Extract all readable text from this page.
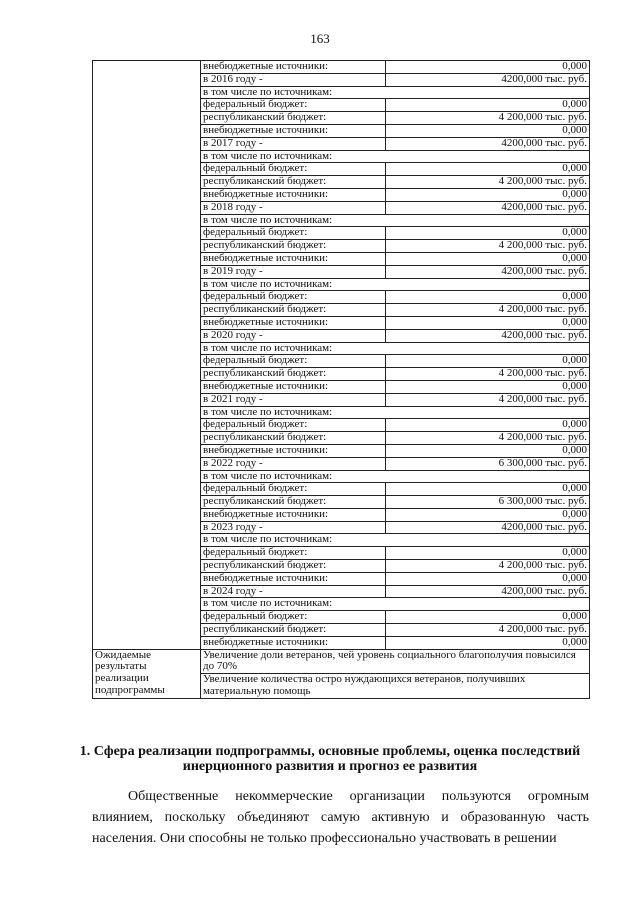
163
	внебюджетные источники:	0,000
	в 2016 году -	4200,000 тыс. руб.
	в том числе по источникам:	
	федеральный бюджет:	0,000
	республиканский бюджет:	4 200,000 тыс. руб.
	внебюджетные источники:	0,000
	в 2017 году -	4200,000 тыс. руб.
	в том числе по источникам:	
	федеральный бюджет:	0,000
	республиканский бюджет:	4 200,000 тыс. руб.
	внебюджетные источники:	0,000
	в 2018 году -	4200,000 тыс. руб.
	в том числе по источникам:	
	федеральный бюджет:	0,000
	республиканский бюджет:	4 200,000 тыс. руб.
	внебюджетные источники:	0,000
	в 2019 году -	4200,000 тыс. руб.
	в том числе по источникам:	
	федеральный бюджет:	0,000
	республиканский бюджет:	4 200,000 тыс. руб.
	внебюджетные источники:	0,000
	в 2020 году -	4200,000 тыс. руб.
	в том числе по источникам:	
	федеральный бюджет:	0,000
	республиканский бюджет:	4 200,000 тыс. руб.
	внебюджетные источники:	0,000
	в 2021 году -	4 200,000 тыс. руб.
	в том числе по источникам:	
	федеральный бюджет:	0,000
	республиканский бюджет:	4 200,000 тыс. руб.
	внебюджетные источники:	0,000
	в 2022 году -	6 300,000 тыс. руб.
	в том числе по источникам:	
	федеральный бюджет:	0,000
	республиканский бюджет:	6 300,000 тыс. руб.
	внебюджетные источники:	0,000
	в 2023 году -	4200,000 тыс. руб.
	в том числе по источникам:	
	федеральный бюджет:	0,000
	республиканский бюджет:	4 200,000 тыс. руб.
	внебюджетные источники:	0,000
	в 2024 году -	4200,000 тыс. руб.
	в том числе по источникам:	
	федеральный бюджет:	0,000
	республиканский бюджет:	4 200,000 тыс. руб.
	внебюджетные источники:	0,000
Ожидаемые результаты реализации подпрограммы	Увеличение доли ветеранов, чей уровень социального благополучия повысился до 70%	
	Увеличение количества остро нуждающихся ветеранов, получивших материальную помощь	
1. Сфера реализации подпрограммы, основные проблемы, оценка последствий инерционного развития и прогноз ее развития

Общественные некоммерческие организации пользуются огромным влиянием, поскольку объединяют самую активную и образованную часть населения. Они способны не только профессионально участвовать в решении
